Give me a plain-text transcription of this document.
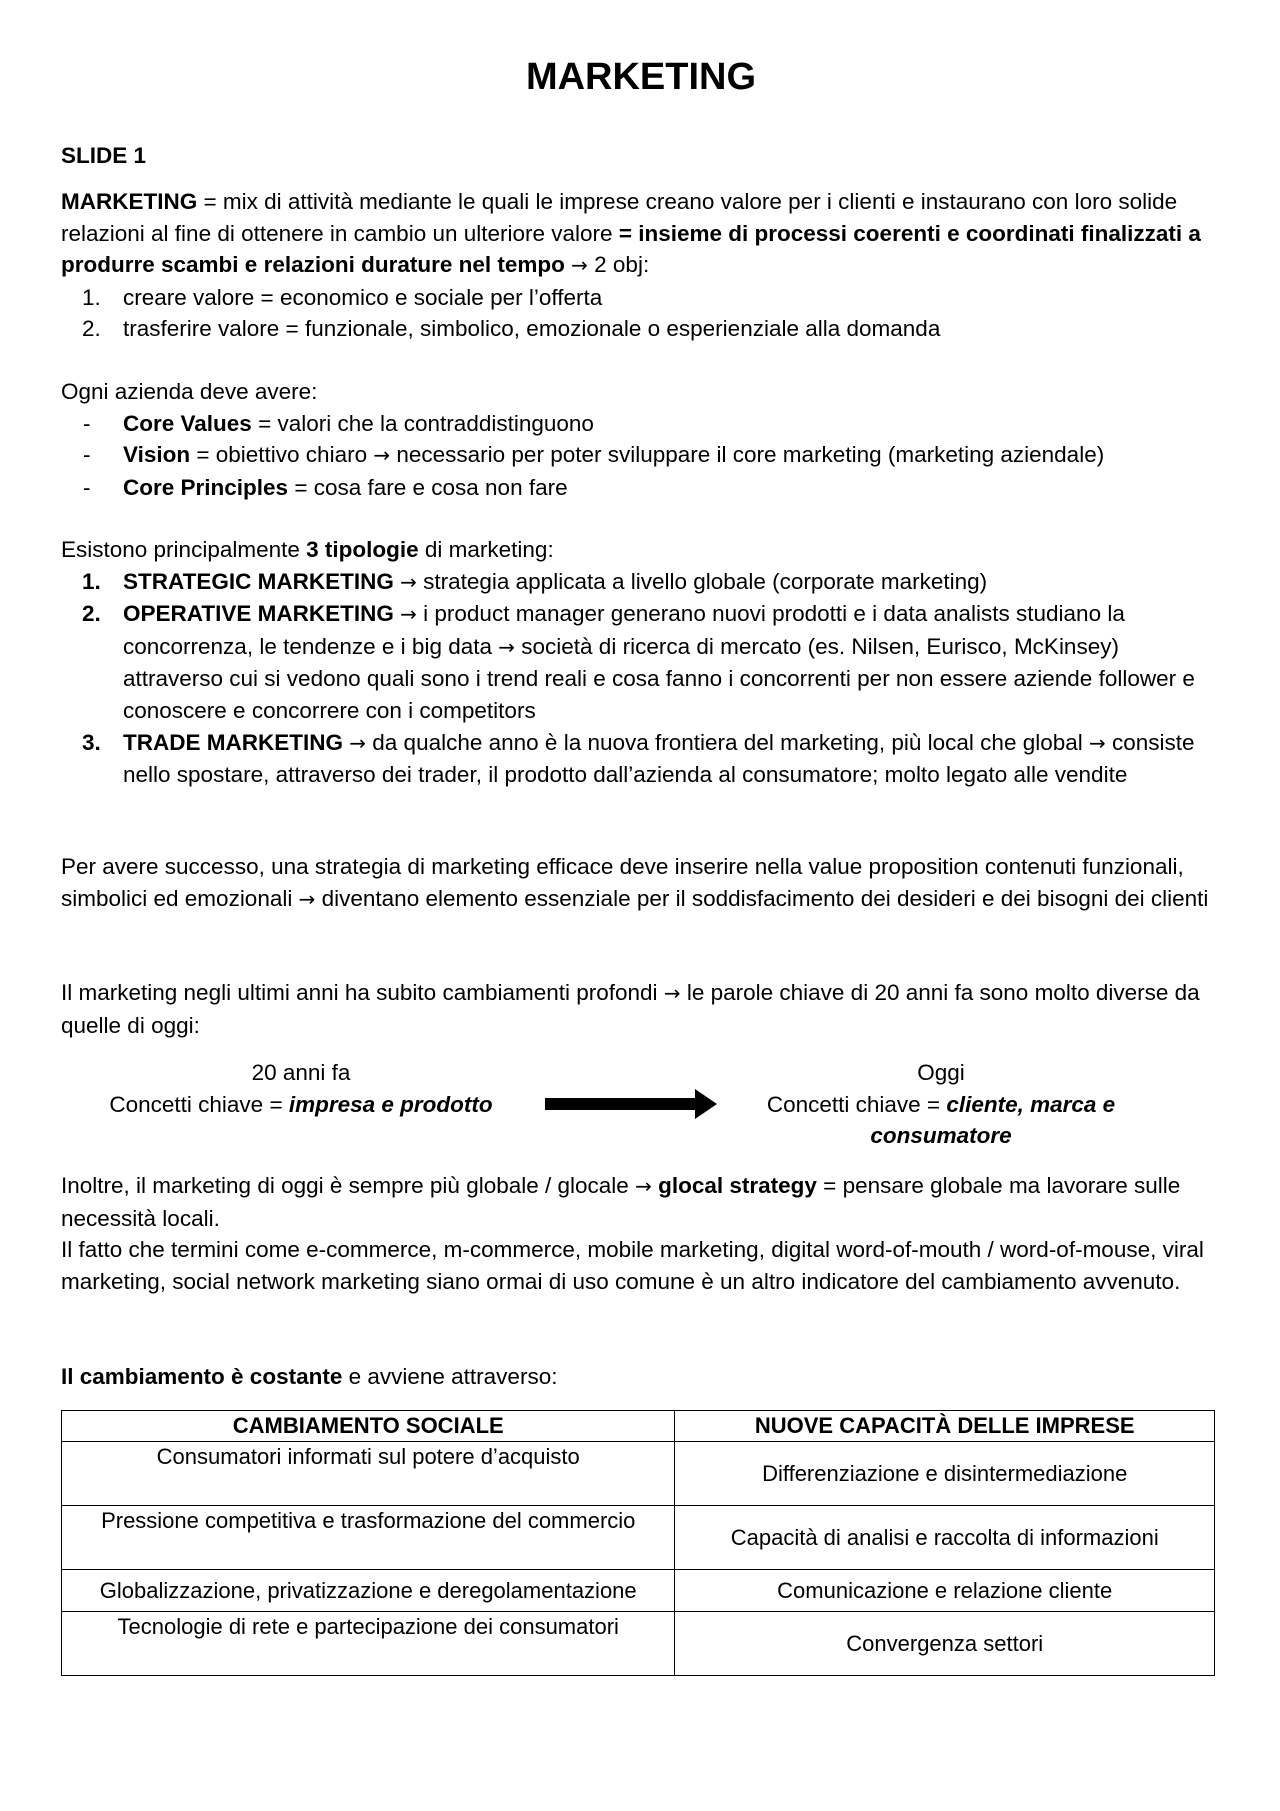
MARKETING

SLIDE 1

MARKETING = mix di attività mediante le quali le imprese creano valore per i clienti e instaurano con loro solide relazioni al fine di ottenere in cambio un ulteriore valore = insieme di processi coerenti e coordinati finalizzati a produrre scambi e relazioni durature nel tempo → 2 obj:

1. creare valore = economico e sociale per l’offerta
2. trasferire valore = funzionale, simbolico, emozionale o esperienziale alla domanda

Ogni azienda deve avere:

- Core Values = valori che la contraddistinguono
- Vision = obiettivo chiaro → necessario per poter sviluppare il core marketing (marketing aziendale)
- Core Principles = cosa fare e cosa non fare

Esistono principalmente 3 tipologie di marketing:

1. STRATEGIC MARKETING → strategia applicata a livello globale (corporate marketing)
2. OPERATIVE MARKETING → i product manager generano nuovi prodotti e i data analists studiano la concorrenza, le tendenze e i big data → società di ricerca di mercato (es. Nilsen, Eurisco, McKinsey) attraverso cui si vedono quali sono i trend reali e cosa fanno i concorrenti per non essere aziende follower e conoscere e concorrere con i competitors
3. TRADE MARKETING → da qualche anno è la nuova frontiera del marketing, più local che global → consiste nello spostare, attraverso dei trader, il prodotto dall’azienda al consumatore; molto legato alle vendite

Per avere successo, una strategia di marketing efficace deve inserire nella value proposition contenuti funzionali, simbolici ed emozionali → diventano elemento essenziale per il soddisfacimento dei desideri e dei bisogni dei clienti

Il marketing negli ultimi anni ha subito cambiamenti profondi → le parole chiave di 20 anni fa sono molto diverse da quelle di oggi:

20 anni fa
Concetti chiave = impresa e prodotto
Oggi
Concetti chiave = cliente, marca e consumatore

Inoltre, il marketing di oggi è sempre più globale / glocale → glocal strategy = pensare globale ma lavorare sulle necessità locali.

Il fatto che termini come e-commerce, m-commerce, mobile marketing, digital word-of-mouth / word-of-mouse, viral marketing, social network marketing siano ormai di uso comune è un altro indicatore del cambiamento avvenuto.

Il cambiamento è costante e avviene attraverso:

CAMBIAMENTO SOCIALE	NUOVE CAPACITÀ DELLE IMPRESE
Consumatori informati sul potere d’acquisto	Differenziazione e disintermediazione
Pressione competitiva e trasformazione del commercio	Capacità di analisi e raccolta di informazioni
Globalizzazione, privatizzazione e deregolamentazione	Comunicazione e relazione cliente
Tecnologie di rete e partecipazione dei consumatori	Convergenza settori
